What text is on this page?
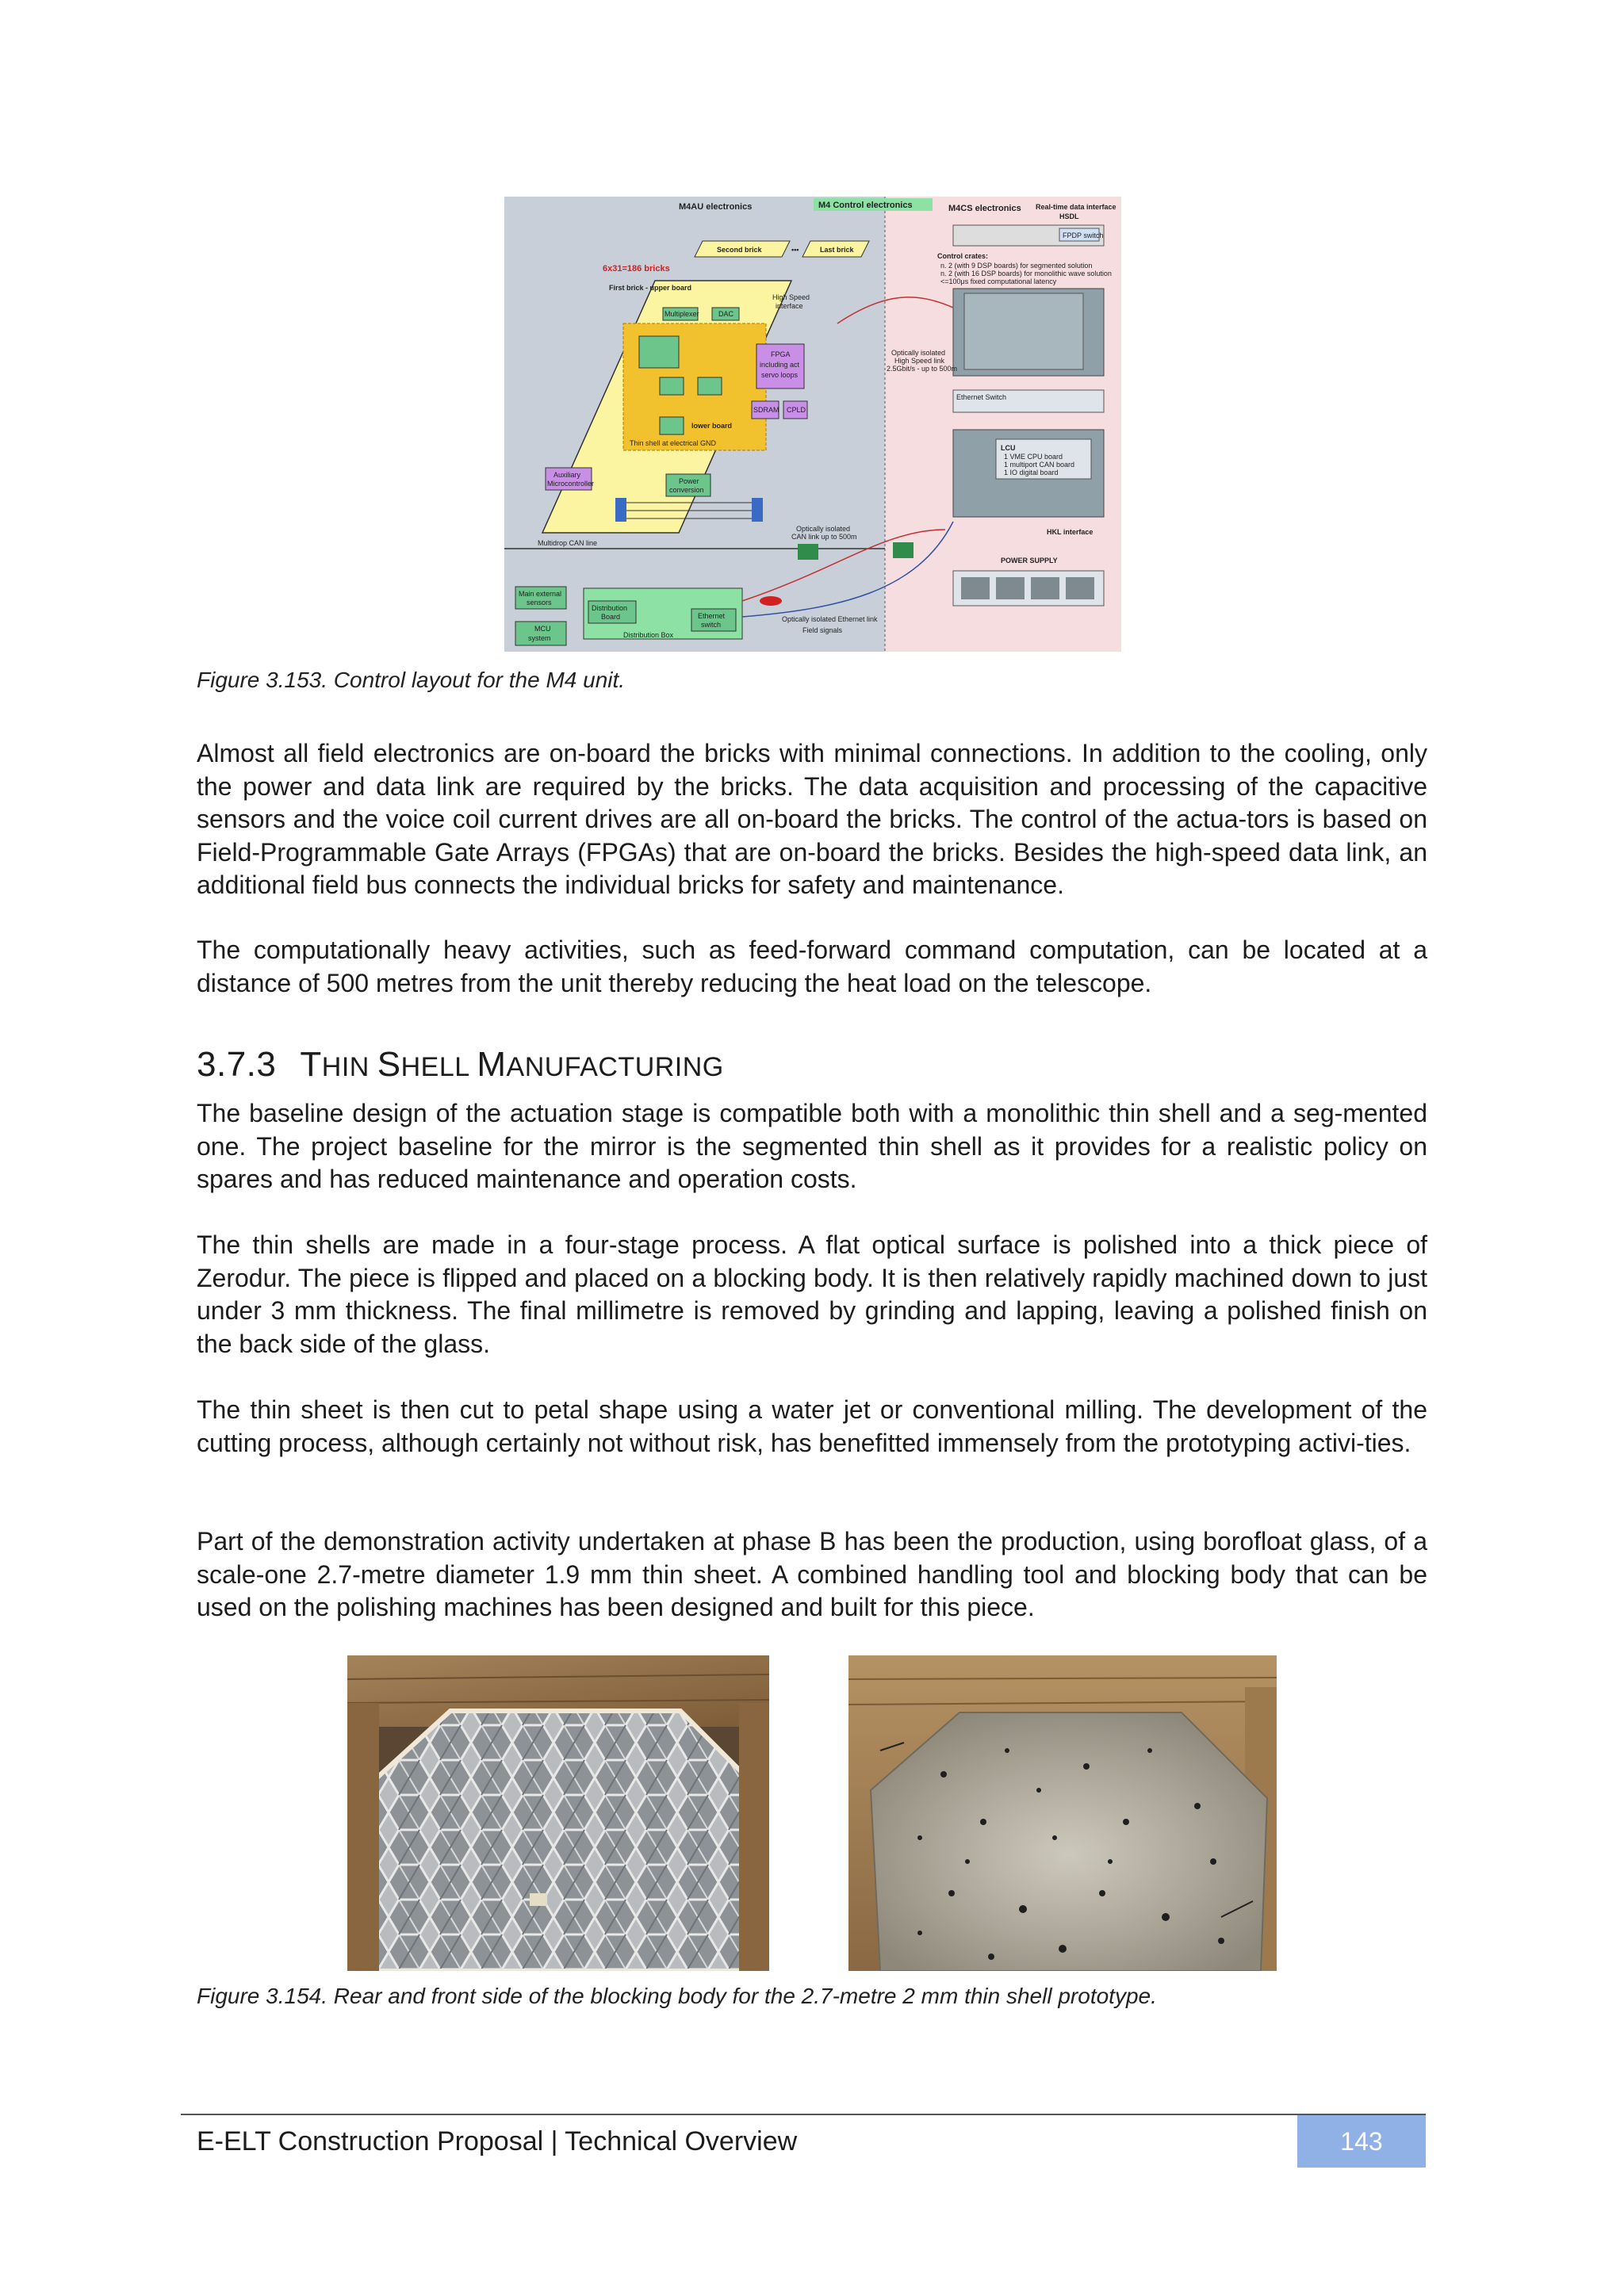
M4AU electronics	M4 Control electronics	M4CS electronics Real-time data interface
HSDL
Second brick	•••	Last brick
6x31=186 bricks
First brick - upper board
lower board
Thin shell at electrical GND
Multiplexer	DAC
High Speed
interface
FPGA
including act
servo loops
SDRAM CPLD
Auxiliary
Microcontroller	Power
conversion
Multidrop CAN line
FPDP switch
Control crates:
n. 2 (with 9 DSP boards) for segmented solution
n. 2 (with 16 DSP boards) for monolithic wave solution
<=100μs fixed computational latency
Optically isolated
High Speed link
2.5Gbit/s - up to 500m
Ethernet Switch
LCU
1 VME CPU board
1 multiport CAN board
1 IO digital board
HKL interface
POWER SUPPLY
Optically isolated
CAN link up to 500m
Main external
sensors
MCU
system
Distribution
Board	Ethernet
switch
Distribution Box
Optically isolated Ethernet link
Field signals
Figure 3.153. Control layout for the M4 unit.

Almost all field electronics are on-board the bricks with minimal connections. In addition to the cooling, only the power and data link are required by the bricks. The data acquisition and processing of the capacitive sensors and the voice coil current drives are all on-board the bricks. The control of the actua-tors is based on Field-Programmable Gate Arrays (FPGAs) that are on-board the bricks. Besides the high-speed data link, an additional field bus connects the individual bricks for safety and maintenance.

The computationally heavy activities, such as feed-forward command computation, can be located at a distance of 500 metres from the unit thereby reducing the heat load on the telescope.

3.7.3 THIN SHELL MANUFACTURING

The baseline design of the actuation stage is compatible both with a monolithic thin shell and a seg-mented one. The project baseline for the mirror is the segmented thin shell as it provides for a realistic policy on spares and has reduced maintenance and operation costs.

The thin shells are made in a four-stage process. A flat optical surface is polished into a thick piece of Zerodur. The piece is flipped and placed on a blocking body. It is then relatively rapidly machined down to just under 3 mm thickness. The final millimetre is removed by grinding and lapping, leaving a polished finish on the back side of the glass.

The thin sheet is then cut to petal shape using a water jet or conventional milling. The development of the cutting process, although certainly not without risk, has benefitted immensely from the prototyping activi-ties.

Part of the demonstration activity undertaken at phase B has been the production, using borofloat glass, of a scale-one 2.7-metre diameter 1.9 mm thin sheet. A combined handling tool and blocking body that can be used on the polishing machines has been designed and built for this piece.

Figure 3.154. Rear and front side of the blocking body for the 2.7-metre 2 mm thin shell prototype.
E-ELT Construction Proposal | Technical Overview	143
